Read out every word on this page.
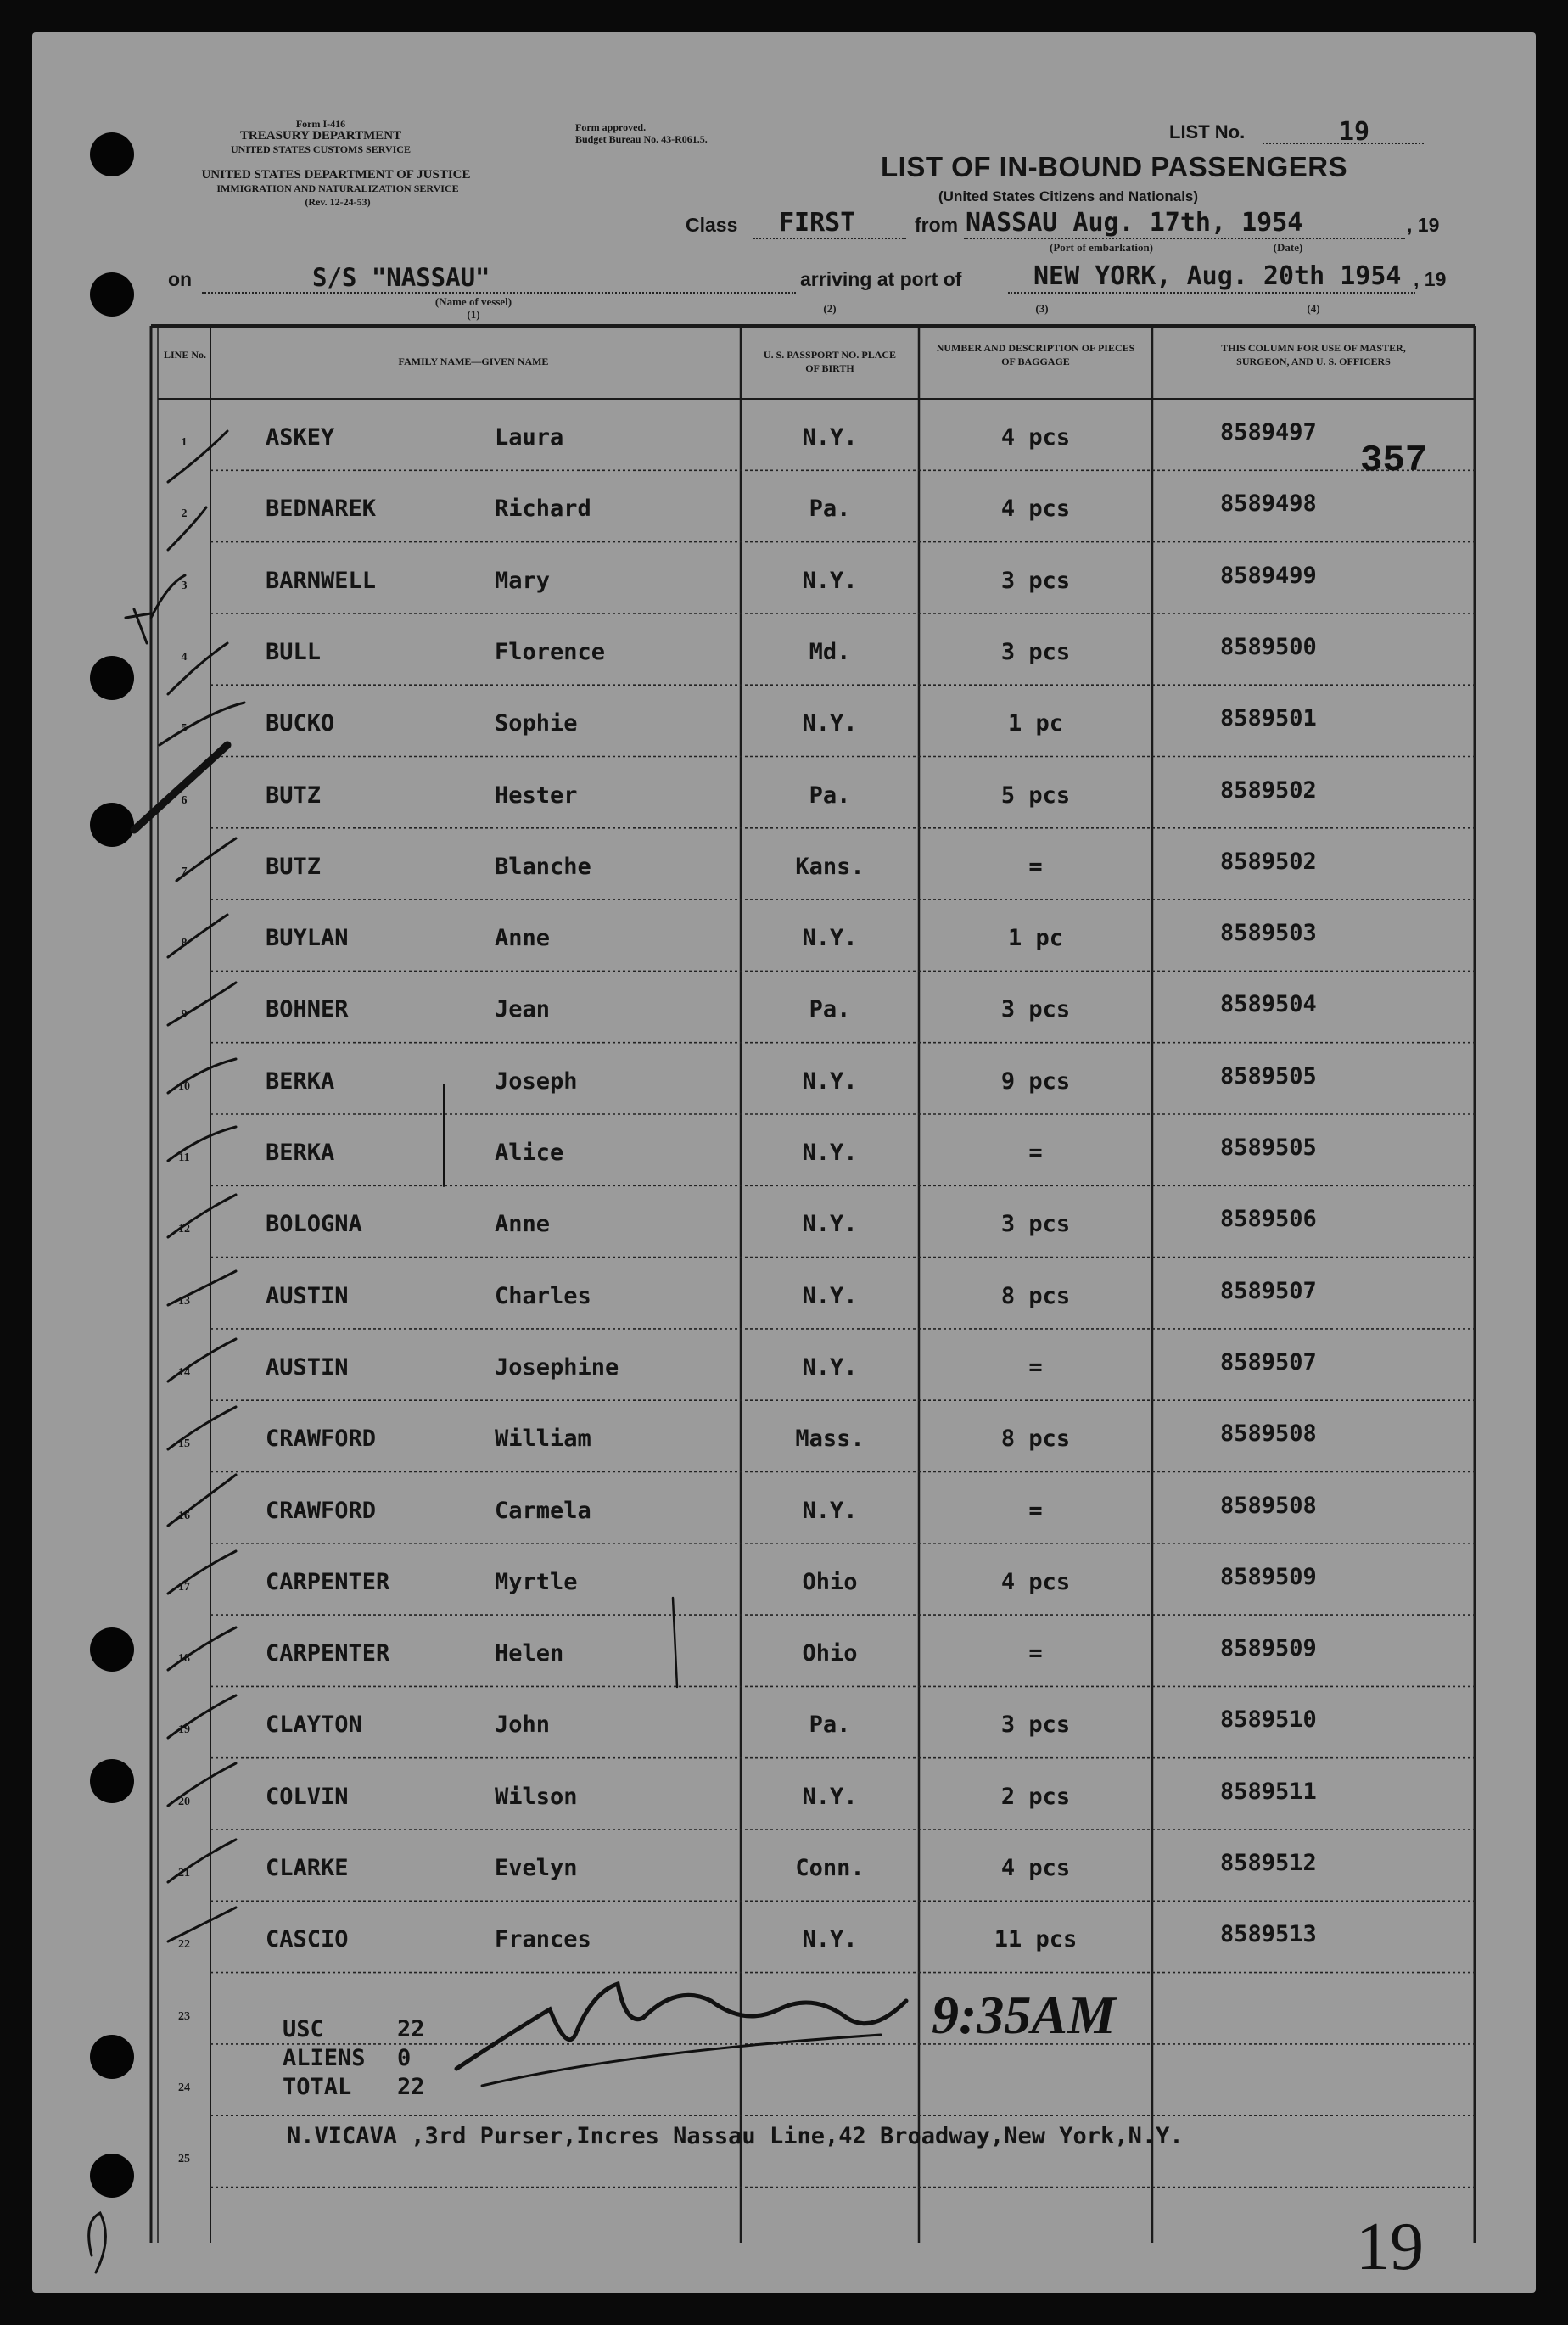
Form I-416
TREASURY DEPARTMENT
UNITED STATES CUSTOMS SERVICE
UNITED STATES DEPARTMENT OF JUSTICE
IMMIGRATION AND NATURALIZATION SERVICE
(Rev. 12-24-53)
Form approved.
Budget Bureau No. 43-R061.5.	LIST No.	19
LIST OF IN-BOUND PASSENGERS
(United States Citizens and Nationals)
Class FIRST	from NASSAU Aug. 17th, 1954	, 19
(Port of embarkation)	(Date)
on	S/S "NASSAU"
(Name of vessel)
(1)
arriving at port of	NEW YORK, Aug. 20th 1954 , 19
(2)	(3)	(4)
LINE No.
FAMILY NAME—GIVEN NAME
U. S. PASSPORT NO. PLACE OF BIRTH
NUMBER AND DESCRIPTION OF PIECES OF BAGGAGE
THIS COLUMN FOR USE OF MASTER, SURGEON, AND U. S. OFFICERS
1	ASKEY	Laura	N.Y.	4 pcs	8589497
2	BEDNAREK	Richard	Pa.	4 pcs	8589498
3	BARNWELL	Mary	N.Y.	3 pcs	8589499
4	BULL	Florence	Md.	3 pcs	8589500
5	BUCKO	Sophie	N.Y.	1 pc	8589501
6	BUTZ	Hester	Pa.	5 pcs	8589502
7	BUTZ	Blanche	Kans.	=	8589502
8	BUYLAN	Anne	N.Y.	1 pc	8589503
9	BOHNER	Jean	Pa.	3 pcs	8589504
10	BERKA	Joseph	N.Y.	9 pcs	8589505
11	BERKA	Alice	N.Y.	=	8589505
12	BOLOGNA	Anne	N.Y.	3 pcs	8589506
13	AUSTIN	Charles	N.Y.	8 pcs	8589507
14	AUSTIN	Josephine	N.Y.	=	8589507
15	CRAWFORD	William	Mass.	8 pcs	8589508
16	CRAWFORD	Carmela	N.Y.	=	8589508
17	CARPENTER	Myrtle	Ohio	4 pcs	8589509
18	CARPENTER	Helen	Ohio	=	8589509
19	CLAYTON	John	Pa.	3 pcs	8589510
20	COLVIN	Wilson	N.Y.	2 pcs	8589511
21	CLARKE	Evelyn	Conn.	4 pcs	8589512
22	CASCIO	Frances	N.Y.	11 pcs	8589513
23
24
25
USC	22
ALIENS 0
TOTAL 22
N.VICAVA ,3rd Purser,Incres Nassau Line,42 Broadway,New York,N.Y.
357
9:35AM
19
